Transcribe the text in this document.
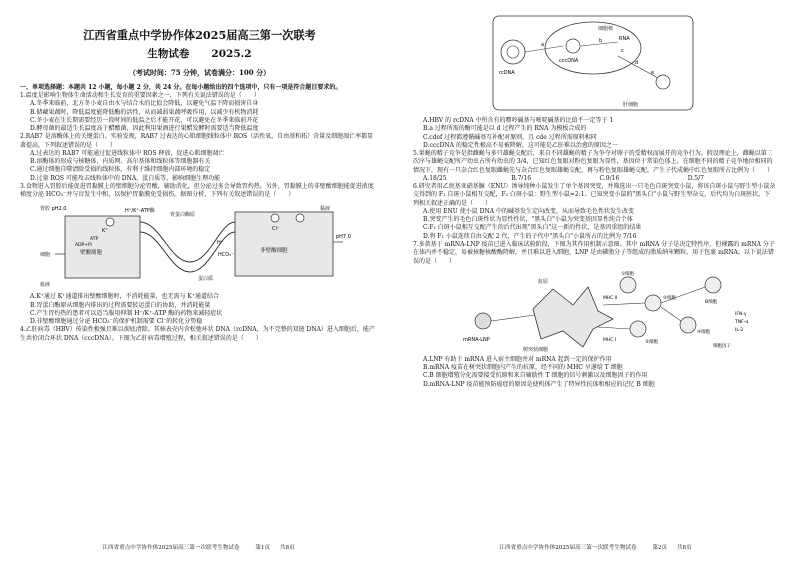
江西省重点中学协作体2025届高三第一次联考
生物试卷 2025.2
（考试时间：75 分钟，试卷满分：100 分）
一、单项选择题：本题共 12 小题，每小题 2 分，共 24 分。在每小题给出的四个选项中，只有一项是符合题目要求的。

1.温度是影响生物体生命活动和生长发育的重要因素之一，下列有关说法错误的是（　　）

A.冬季来临前，北方冬小麦自由水与结合水的比值会降低，以避免气温下降而损害自身
B.储藏果蔬时，降低温度能降低酶的活性，从而减弱果蔬呼吸作用，以减少有机物消耗
C.冬小麦在生长期需要经历一段时间的低温之后才能开花，可以避免在冬季来临前开花
D.酵母菌的最适生长温度高于醋酸菌，因此利用果酒进行果醋发酵时需要适当降低温度

2.RAB7 是溶酶体上的关键蛋白。实验发现，RAB7 过表达的心肌细胞线粒体中 ROS（活性氧，自由基和拓）含量及细胞凋亡率都显著提高，下列叙述错误的是（　　）

A.过表达的 RAB7 可能通过促进线粒体中 ROS 释放，促进心肌细胞凋亡
B.溶酶体的形成与核糖体、内质网、高尔基体和线粒体等细胞器有关
C.通过细胞自噬清除受损的线粒体，有利于维持细胞内部环境的稳定
D.过量 ROS 可能攻击线粒体中的 DNA、蛋白质等，影响细胞生理功能

3.食物进入胃腔后能促进胃黏膜上的壁细胞分泌胃酸，辅助消化，但分泌过多会导致胃灼热。另外，胃黏膜上的非壁酸细胞能促进浓度梯度分泌 HCO₃⁻并与盲发生中和，以保护胃黏膜免受损伤。据图分析，下列有关叙述错误的是（　　）

胃腔 pH2.0	H⁺/K⁺-ATP酶
胃蛋白酶原
黏液
壁酸细胞	非壁酸细胞
pH7.0
H⁺
K⁺
HCO₃⁻
Cl⁻
ATP
ADP+Pi
血液
细胞
蛋白质
A.K⁺通过 K⁺通道排出壁酸细胞时，不消耗能量，也无需与 K⁺通道结合
B.胃蛋白酶原从细胞内排出的过程需要转运蛋白的协助，并消耗能量
C.产生胃灼热的患者可以适当服用抑制 H⁺/K⁺-ATP 酶的药物来减轻症状
D.非壁酸细胞通过分泌 HCO₃⁻的保护机制需要 Cl⁻的转化分势稳

4.乙肝病毒（HBV）传染性极强且难以彻底清除。其核表壳内含松弛环状 DNA（rcDNA，为不完整的双链 DNA）进入细胞后，能产生共价闭合环状 DNA（cccDNA）。下图为乙肝病毒增殖过程，相关叙述错误的是（　　）

江西省重点中学协作体2025届高三第一次联考生物试卷	第1页 共8页
细胞核
肝细胞
rcDNA
cccDNA
RNA
a
b
c
d
e
A.HBV 的 rcDNA 中所含有的嘌呤碱基与嘧啶碱基的比值不一定等于 1
B.a 过程所需的酶可能是以 d 过程产生的 RNA 为模板合成的
C.cdef 过程都遵循碱基互补配对原则，且 cde 过程所需原料相同
D.cccDNA 的稳定性极高不易被降解，这可能是乙肝难以治愈的原因之一

5.果蝇的精子竞争是指雌蝇与多只雄蝇交配后，来自不同雄蝇的精子为争夺对卵子的受精权而展开的竞争行为。假设理论上，雌蝇以第二次序与雄蝇交配所产幼虫占所有幼虫的 3/4，已知红色复眼对粉色复眼为显性，基因位于常染色体上。在细胞不同的精子竞争地位相同的情况下，现有一只杂合红色复眼雌蝇先与杂合红色复眼雄蝇交配，再与粉色复眼雄蝇交配，产生子代成蝇中红色复眼所占比例为（　　）

A.18/25	B.7/16	C.9/16	D.5/7

6.研究者用乙烷基亚硝基脲（ENU）诱导纯种小鼠发生了单个基因突变，并筛选出一只毛色自斑突变小鼠，将该自斑小鼠与野生型小鼠杂交得到的 F₁ 自斑小鼠相互交配，F₂ 白斑小鼠：野生型小鼠=2:1。已知突变小鼠的"黑头白"小鼠与野生型杂交，后代均为白斑胚状，下列相关叙述正确的是（　　）

A.使用 ENU 使小鼠 DNA 中的碱基发生定向改变，从而导致毛色性状发生改变
B.突变产生的毛色白斑性状为显性性状，"黑头白"小鼠为突变基因显性纯合个体
C.F₁ 白斑小鼠相互交配产生的后代出现"黑头白"这一新的性状，是基因重组的结果
D.将 F₁ 小鼠连续自由交配 2 代，产生的子代中"黑头白"小鼠所占的比例为 7/16

7.多款基于 mRNA-LNP 疫苗已进入临床试验阶段，下图为其作用机制示意图。其中 mRNA 分子是决定特性序，但裸露的 mRNA 分子在体内并不稳定，易被核糖核酸酶降解，并且难以进入细胞，LNP 是由磷脂分子等组成的脂质纳米颗粒，用于包裹 mRNA。以下说法错误的是（　　）

mRNA-LNP
抗原
树突状细胞
MHC Ⅱ
MHC Ⅰ
①细胞
②细胞
③细胞
④细胞
B细胞
细胞因子
IFN-γ
TNF-α
IL-2
A.LNP 有助于 mRNA 进入宿主细胞并对 mRNA 起到一定的保护作用
B.mRNA 疫苗在树突状细胞内产生的抗原，经不同的 MHC 呈递给 T 细胞
C.B 细胞增殖分化需要接受抗原和来自辅助性 T 细胞的信号刺激以及细胞因子的作用
D.mRNA-LNP 疫苗能预防癌症的原因是使机体产生了特异性抗体和相应的记忆 B 细胞
江西省重点中学协作体2025届高三第一次联考生物试卷	第2页 共8页
